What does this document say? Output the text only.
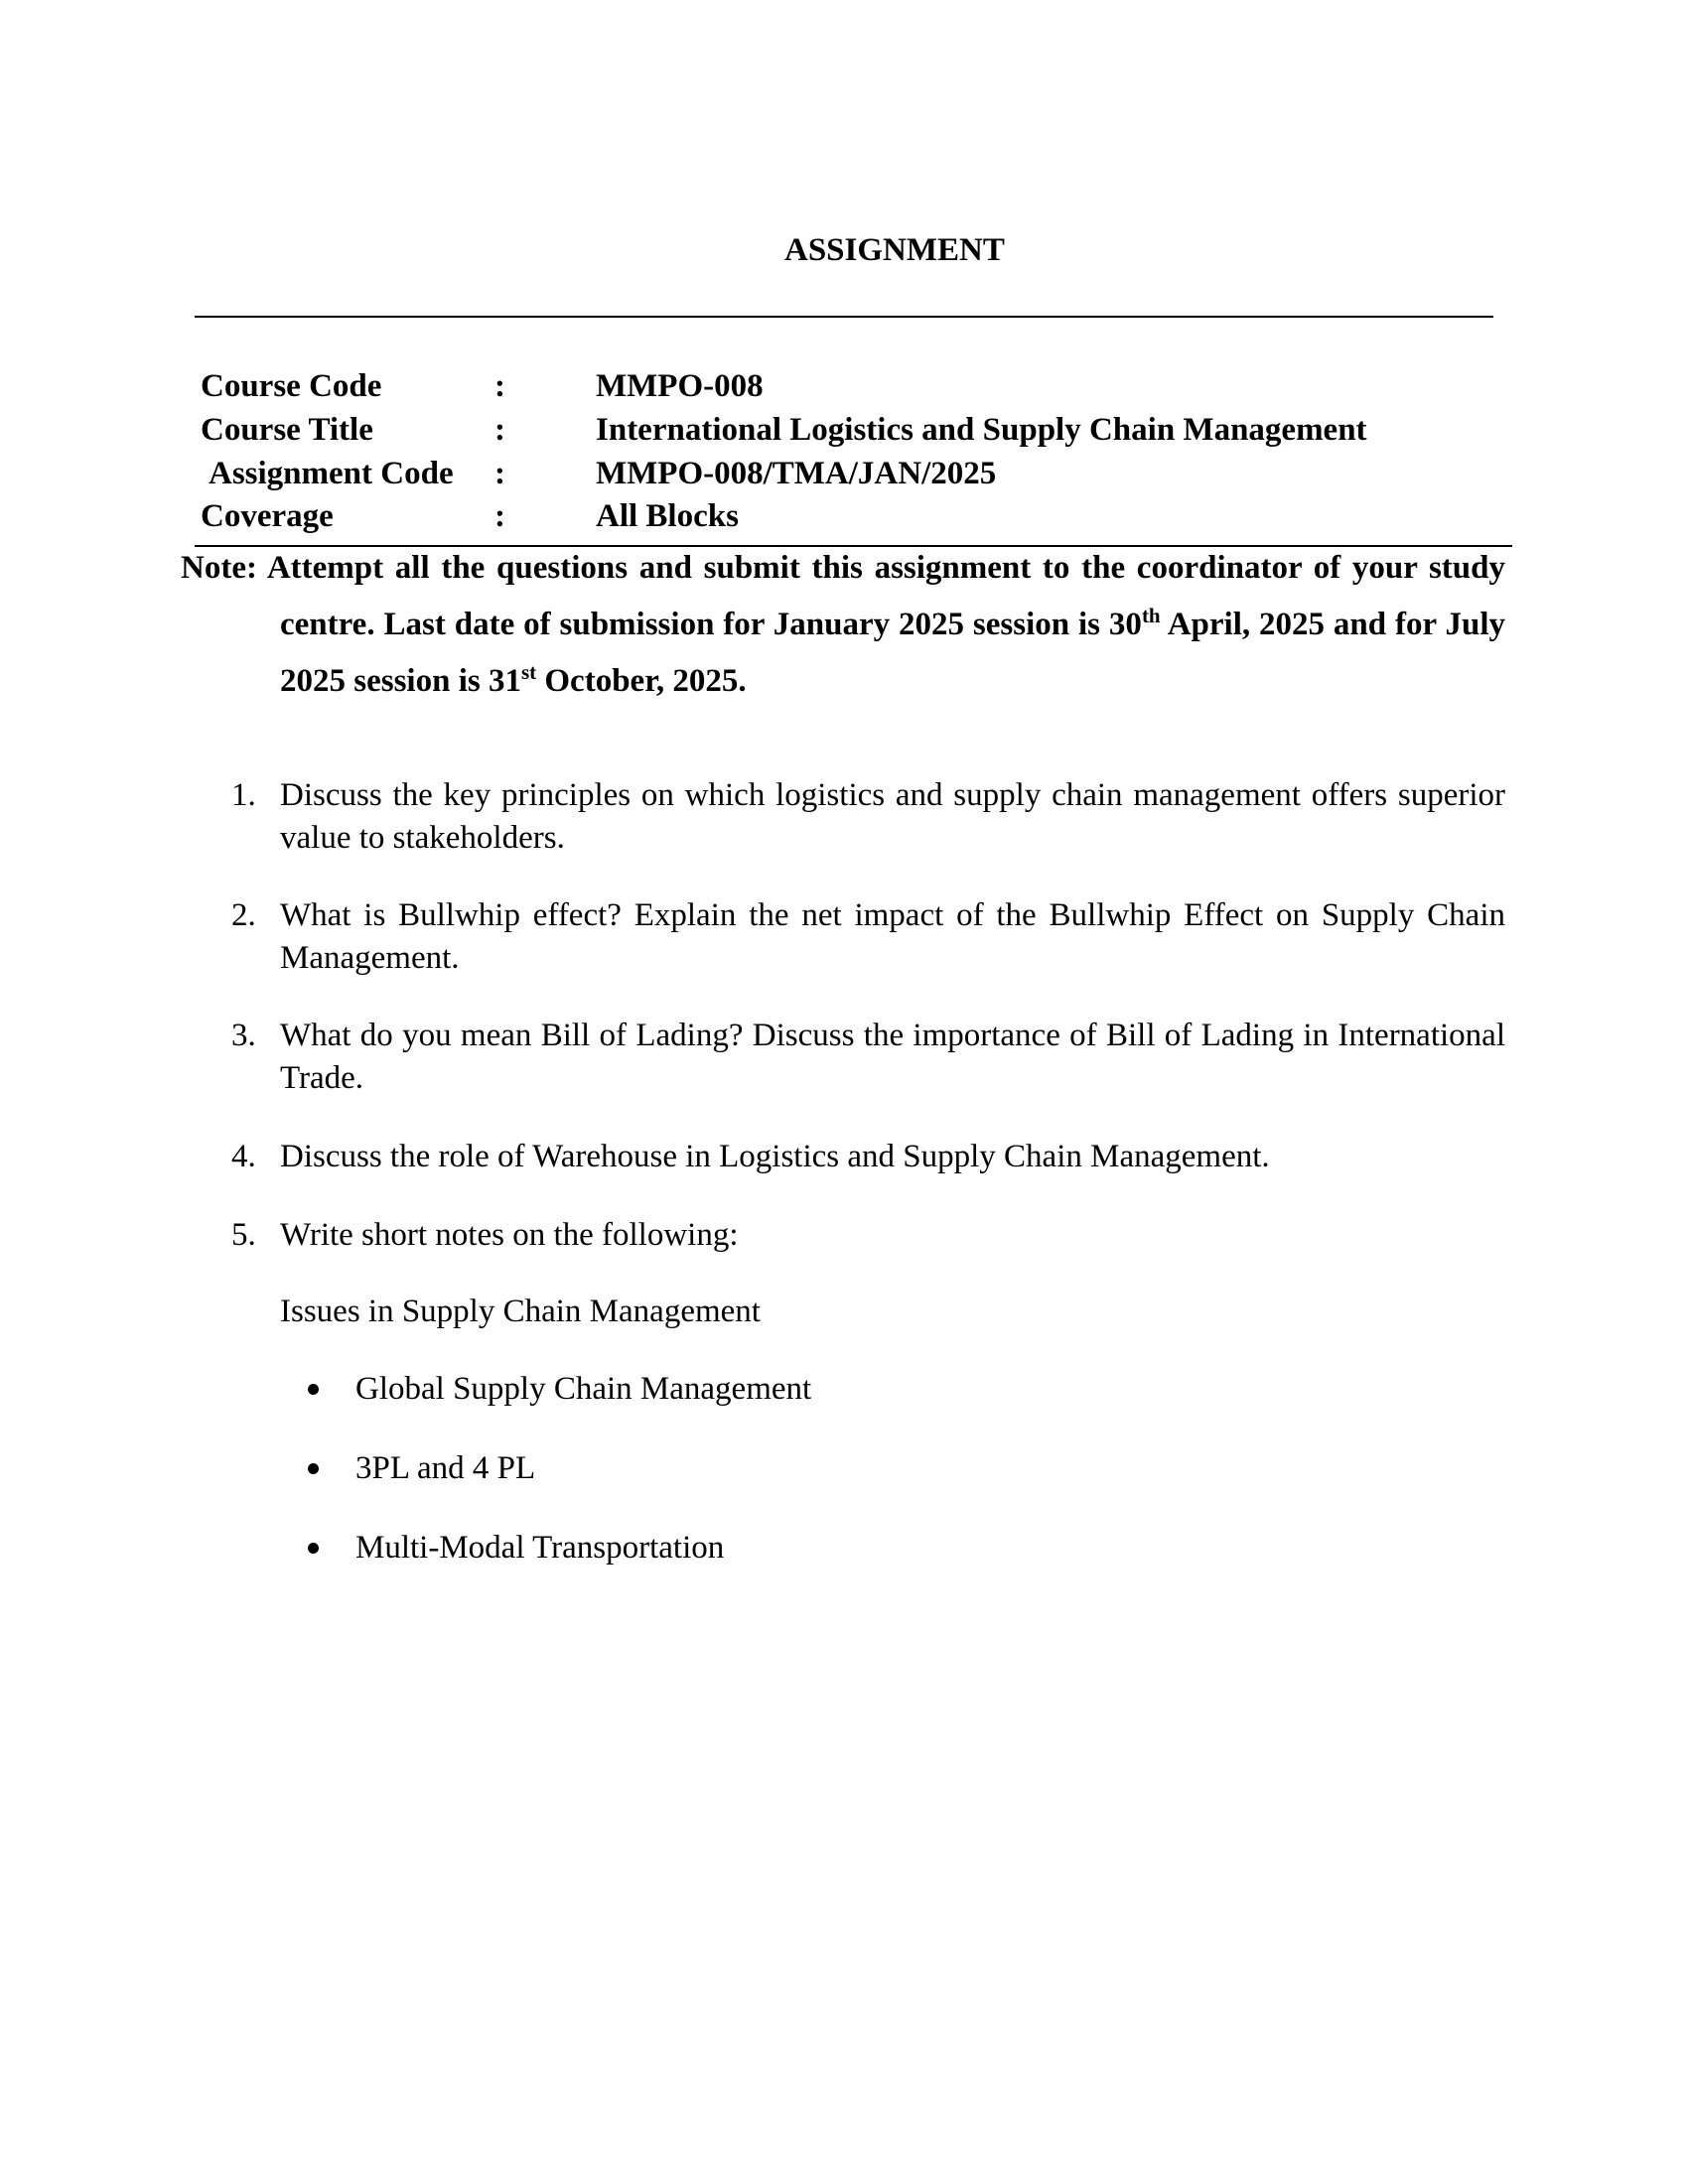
ASSIGNMENT
Course Code	:	MMPO-008
Course Title	:	International Logistics and Supply Chain Management
Assignment Code :	MMPO-008/TMA/JAN/2025
Coverage	:	All Blocks
Note: Attempt all the questions and submit this assignment to the coordinator of your study centre. Last date of submission for January 2025 session is 30th April, 2025 and for July 2025 session is 31st October, 2025.
1. Discuss the key principles on which logistics and supply chain management offers superior value to stakeholders.
2. What is Bullwhip effect? Explain the net impact of the Bullwhip Effect on Supply Chain Management.
3. What do you mean Bill of Lading? Discuss the importance of Bill of Lading in International Trade.
4. Discuss the role of Warehouse in Logistics and Supply Chain Management.
5. Write short notes on the following:
Issues in Supply Chain Management
Global Supply Chain Management
3PL and 4 PL
Multi-Modal Transportation
